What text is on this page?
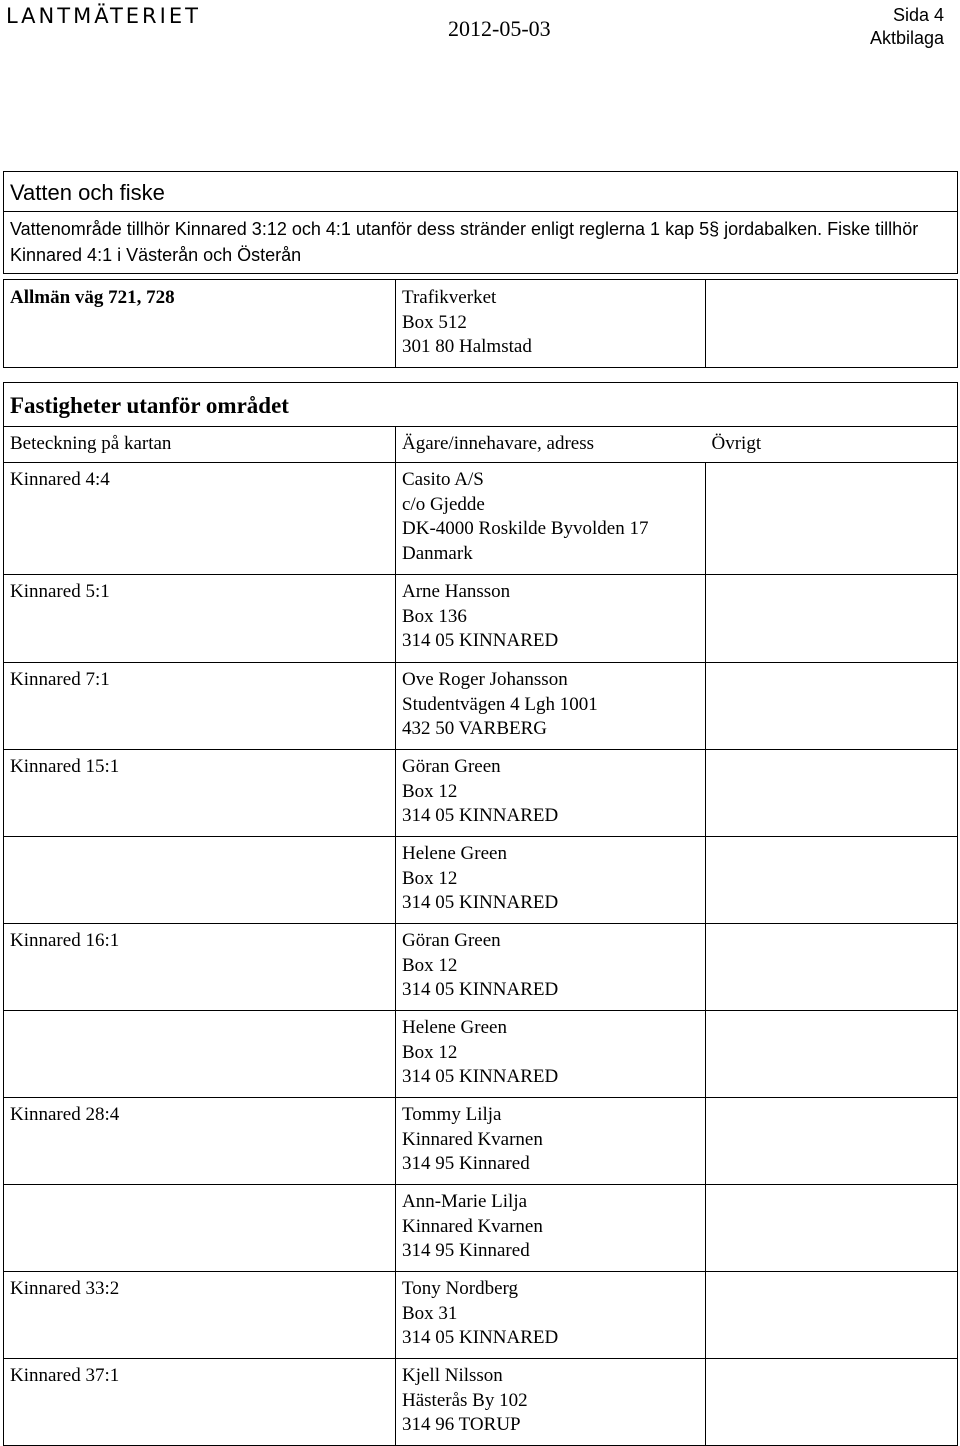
LANTMÄTERIET	2012-05-03
Sida 4
Aktbilaga
Vatten och fiske
Vattenområde tillhör Kinnared 3:12 och 4:1 utanför dess stränder enligt reglerna 1 kap 5§ jordabalken. Fiske tillhör Kinnared 4:1 i Västerån och Österån
Allmän väg 721, 728	Trafikverket
Box 512
301 80 Halmstad

Fastigheter utanför området		
Beteckning på kartan	Ägare/innehavare, adress	Övrigt
Kinnared 4:4	Casito A/S
c/o Gjedde
DK-4000 Roskilde Byvolden 17
Danmark	

Kinnared 5:1	Arne Hansson
Box 136
314 05 KINNARED	

Kinnared 7:1	Ove Roger Johansson
Studentvägen 4 Lgh 1001
432 50 VARBERG	

Kinnared 15:1	Göran Green
Box 12
314 05 KINNARED	

	Helene Green
Box 12
314 05 KINNARED	

Kinnared 16:1	Göran Green
Box 12
314 05 KINNARED	

	Helene Green
Box 12
314 05 KINNARED	

Kinnared 28:4	Tommy Lilja
Kinnared Kvarnen
314 95 Kinnared	

	Ann-Marie Lilja
Kinnared Kvarnen
314 95 Kinnared	

Kinnared 33:2	Tony Nordberg
Box 31
314 05 KINNARED	

Kinnared 37:1	Kjell Nilsson
Hästerås By 102
314 96 TORUP	
